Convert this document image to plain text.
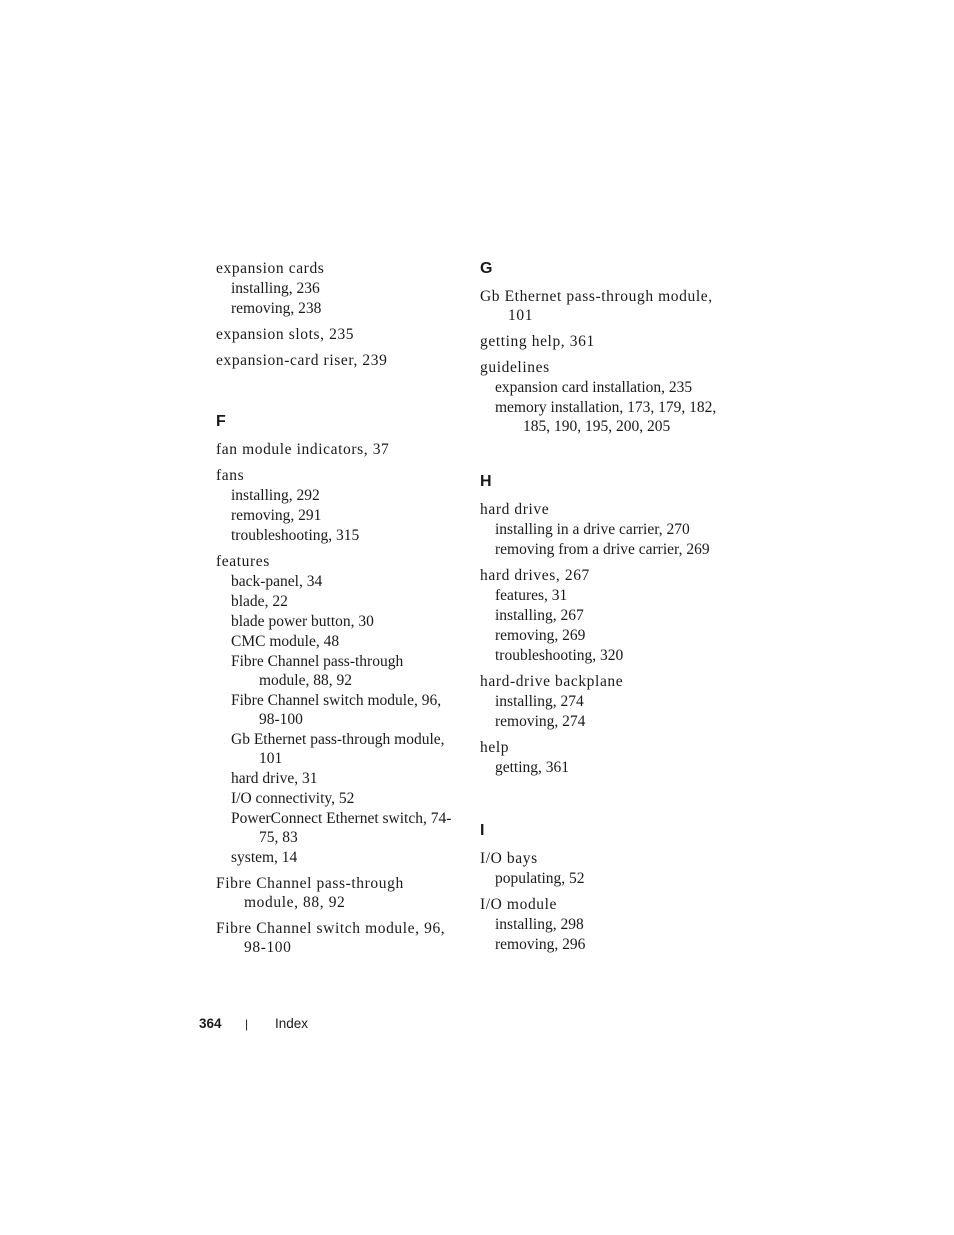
expansion cards
installing, 236
removing, 238
expansion slots, 235
expansion-card riser, 239
F
fan module indicators, 37
fans
installing, 292
removing, 291
troubleshooting, 315
features
back-panel, 34
blade, 22
blade power button, 30
CMC module, 48
Fibre Channel pass-through module, 88, 92
Fibre Channel switch module, 96, 98-100
Gb Ethernet pass-through module, 101
hard drive, 31
I/O connectivity, 52
PowerConnect Ethernet switch, 74-75, 83
system, 14
Fibre Channel pass-through module, 88, 92
Fibre Channel switch module, 96, 98-100
G
Gb Ethernet pass-through module, 101
getting help, 361
guidelines
expansion card installation, 235
memory installation, 173, 179, 182, 185, 190, 195, 200, 205
H
hard drive
installing in a drive carrier, 270
removing from a drive carrier, 269
hard drives, 267
features, 31
installing, 267
removing, 269
troubleshooting, 320
hard-drive backplane
installing, 274
removing, 274
help
getting, 361
I
I/O bays
populating, 52
I/O module
installing, 298
removing, 296
364	|	Index
